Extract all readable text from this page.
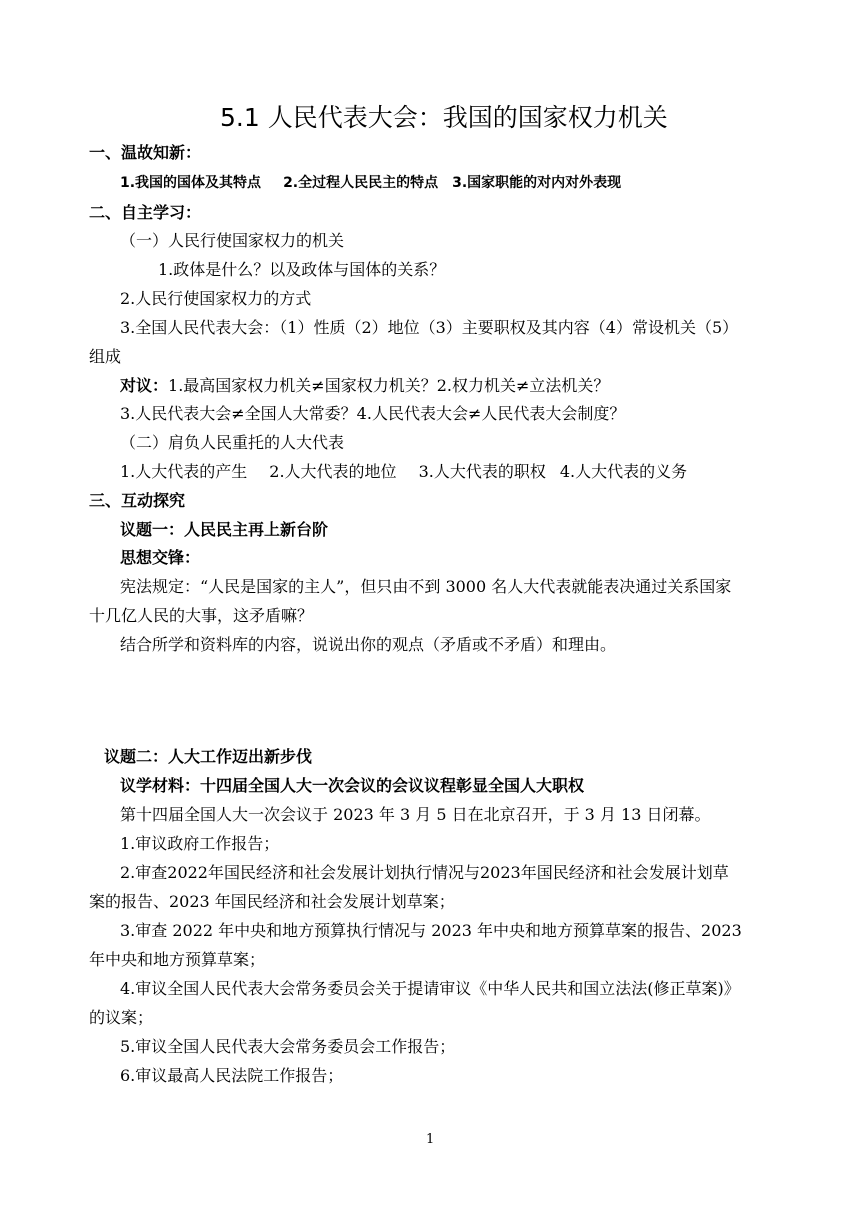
5.1 人民代表大会：我国的国家权力机关
一、温故知新：
1.我国的国体及其特点 2.全过程人民民主的特点 3.国家职能的对内对外表现
二、自主学习：
（一）人民行使国家权力的机关
1.政体是什么？以及政体与国体的关系？
2.人民行使国家权力的方式
3.全国人民代表大会：（1）性质（2）地位（3）主要职权及其内容（4）常设机关（5）
组成
对议：1.最高国家权力机关≠国家权力机关？2.权力机关≠立法机关？
3.人民代表大会≠全国人大常委？4.人民代表大会≠人民代表大会制度？
（二）肩负人民重托的人大代表
1.人大代表的产生 2.人大代表的地位 3.人大代表的职权 4.人大代表的义务
三、互动探究
议题一：人民民主再上新台阶
思想交锋：
宪法规定：“人民是国家的主人”，但只由不到 3000 名人大代表就能表决通过关系国家
十几亿人民的大事，这矛盾嘛？
结合所学和资料库的内容，说说出你的观点（矛盾或不矛盾）和理由。
议题二：人大工作迈出新步伐
议学材料：十四届全国人大一次会议的会议议程彰显全国人大职权
第十四届全国人大一次会议于 2023 年 3 月 5 日在北京召开，于 3 月 13 日闭幕。
1.审议政府工作报告；
2.审查2022年国民经济和社会发展计划执行情况与2023年国民经济和社会发展计划草
案的报告、2023 年国民经济和社会发展计划草案；
3.审查 2022 年中央和地方预算执行情况与 2023 年中央和地方预算草案的报告、2023
年中央和地方预算草案；
4.审议全国人民代表大会常务委员会关于提请审议《中华人民共和国立法法(修正草案)》
的议案；
5.审议全国人民代表大会常务委员会工作报告；
6.审议最高人民法院工作报告；
1
